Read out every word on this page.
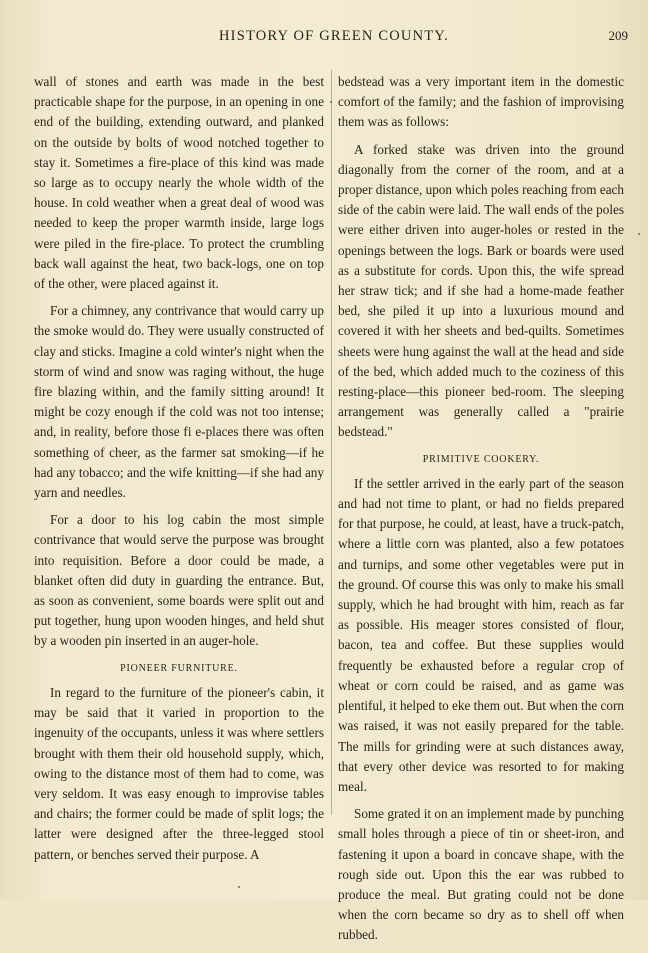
HISTORY OF GREEN COUNTY.	209

wall of stones and earth was made in the best practicable shape for the purpose, in an opening in one end of the building, extending outward, and planked on the outside by bolts of wood notched together to stay it. Sometimes a fire-place of this kind was made so large as to occupy nearly the whole width of the house. In cold weather when a great deal of wood was needed to keep the proper warmth inside, large logs were piled in the fire-place. To protect the crumbling back wall against the heat, two back-logs, one on top of the other, were placed against it.

For a chimney, any contrivance that would carry up the smoke would do. They were usually constructed of clay and sticks. Imagine a cold winter's night when the storm of wind and snow was raging without, the huge fire blazing within, and the family sitting around! It might be cozy enough if the cold was not too intense; and, in reality, before those fi e-places there was often something of cheer, as the farmer sat smoking—if he had any tobacco; and the wife knitting—if she had any yarn and needles.

For a door to his log cabin the most simple contrivance that would serve the purpose was brought into requisition. Before a door could be made, a blanket often did duty in guarding the entrance. But, as soon as convenient, some boards were split out and put together, hung upon wooden hinges, and held shut by a wooden pin inserted in an auger-hole.

PIONEER FURNITURE.

In regard to the furniture of the pioneer's cabin, it may be said that it varied in proportion to the ingenuity of the occupants, unless it was where settlers brought with them their old household supply, which, owing to the distance most of them had to come, was very seldom. It was easy enough to improvise tables and chairs; the former could be made of split logs; the latter were designed after the three-legged stool pattern, or benches served their purpose. A

bedstead was a very important item in the domestic comfort of the family; and the fashion of improvising them was as follows:

A forked stake was driven into the ground diagonally from the corner of the room, and at a proper distance, upon which poles reaching from each side of the cabin were laid. The wall ends of the poles were either driven into auger-holes or rested in the openings between the logs. Bark or boards were used as a substitute for cords. Upon this, the wife spread her straw tick; and if she had a home-made feather bed, she piled it up into a luxurious mound and covered it with her sheets and bed-quilts. Sometimes sheets were hung against the wall at the head and side of the bed, which added much to the coziness of this resting-place—this pioneer bed-room. The sleeping arrangement was generally called a "prairie bedstead."

PRIMITIVE COOKERY.

If the settler arrived in the early part of the season and had not time to plant, or had no fields prepared for that purpose, he could, at least, have a truck-patch, where a little corn was planted, also a few potatoes and turnips, and some other vegetables were put in the ground. Of course this was only to make his small supply, which he had brought with him, reach as far as possible. His meager stores consisted of flour, bacon, tea and coffee. But these supplies would frequently be exhausted before a regular crop of wheat or corn could be raised, and as game was plentiful, it helped to eke them out. But when the corn was raised, it was not easily prepared for the table. The mills for grinding were at such distances away, that every other device was resorted to for making meal.

Some grated it on an implement made by punching small holes through a piece of tin or sheet-iron, and fastening it upon a board in concave shape, with the rough side out. Upon this the ear was rubbed to produce the meal. But grating could not be done when the corn became so dry as to shell off when rubbed.
